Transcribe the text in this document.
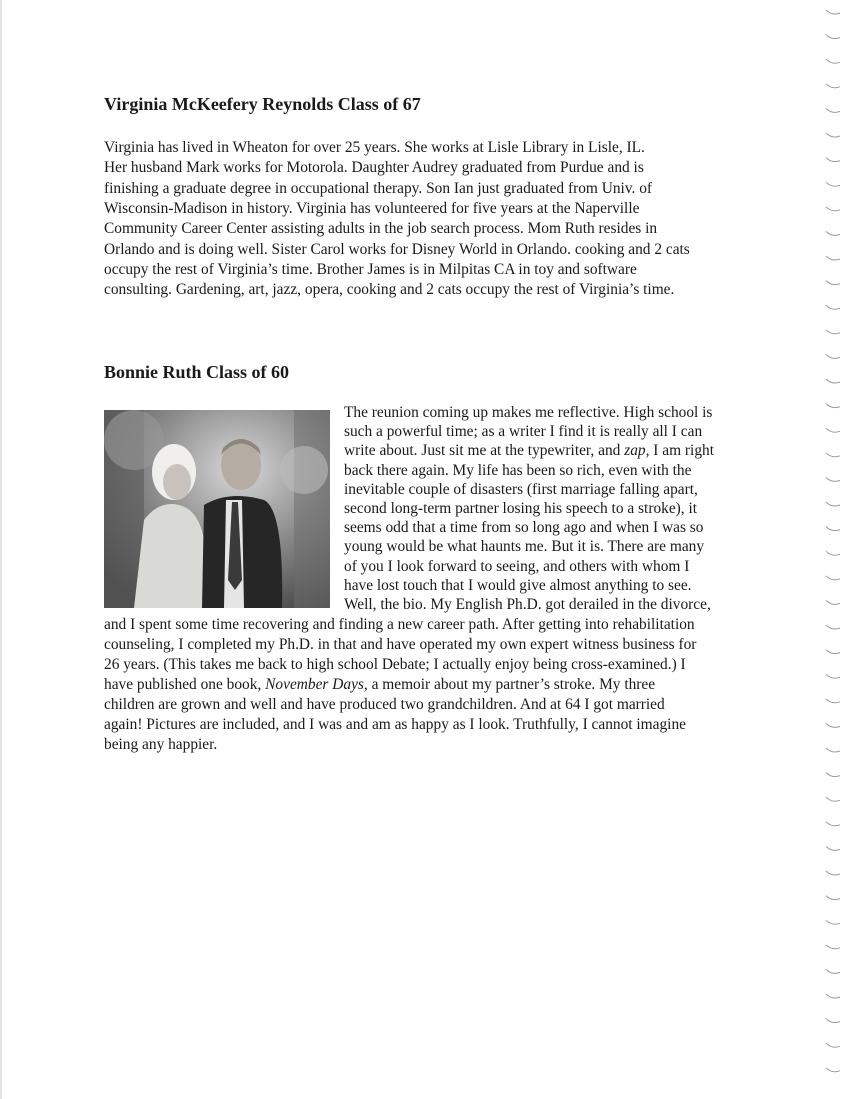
Virginia McKeefery Reynolds Class of 67
Virginia has lived in Wheaton for over 25 years. She works at Lisle Library in Lisle, IL.
Her husband Mark works for Motorola. Daughter Audrey graduated from Purdue and is
finishing a graduate degree in occupational therapy. Son Ian just graduated from Univ. of
Wisconsin-Madison in history. Virginia has volunteered for five years at the Naperville
Community Career Center assisting adults in the job search process. Mom Ruth resides in
Orlando and is doing well. Sister Carol works for Disney World in Orlando. cooking and 2 cats
occupy the rest of Virginia’s time. Brother James is in Milpitas CA in toy and software
consulting. Gardening, art, jazz, opera, cooking and 2 cats occupy the rest of Virginia’s time.
Bonnie Ruth Class of 60
The reunion coming up makes me reflective. High school is
such a powerful time; as a writer I find it is really all I can
write about. Just sit me at the typewriter, and zap, I am right
back there again. My life has been so rich, even with the
inevitable couple of disasters (first marriage falling apart,
second long-term partner losing his speech to a stroke), it
seems odd that a time from so long ago and when I was so
young would be what haunts me. But it is. There are many
of you I look forward to seeing, and others with whom I
have lost touch that I would give almost anything to see.
Well, the bio. My English Ph.D. got derailed in the divorce,
and I spent some time recovering and finding a new career path. After getting into rehabilitation
counseling, I completed my Ph.D. in that and have operated my own expert witness business for
26 years. (This takes me back to high school Debate; I actually enjoy being cross-examined.) I
have published one book, November Days, a memoir about my partner’s stroke. My three
children are grown and well and have produced two grandchildren. And at 64 I got married
again! Pictures are included, and I was and am as happy as I look. Truthfully, I cannot imagine
being any happier.
